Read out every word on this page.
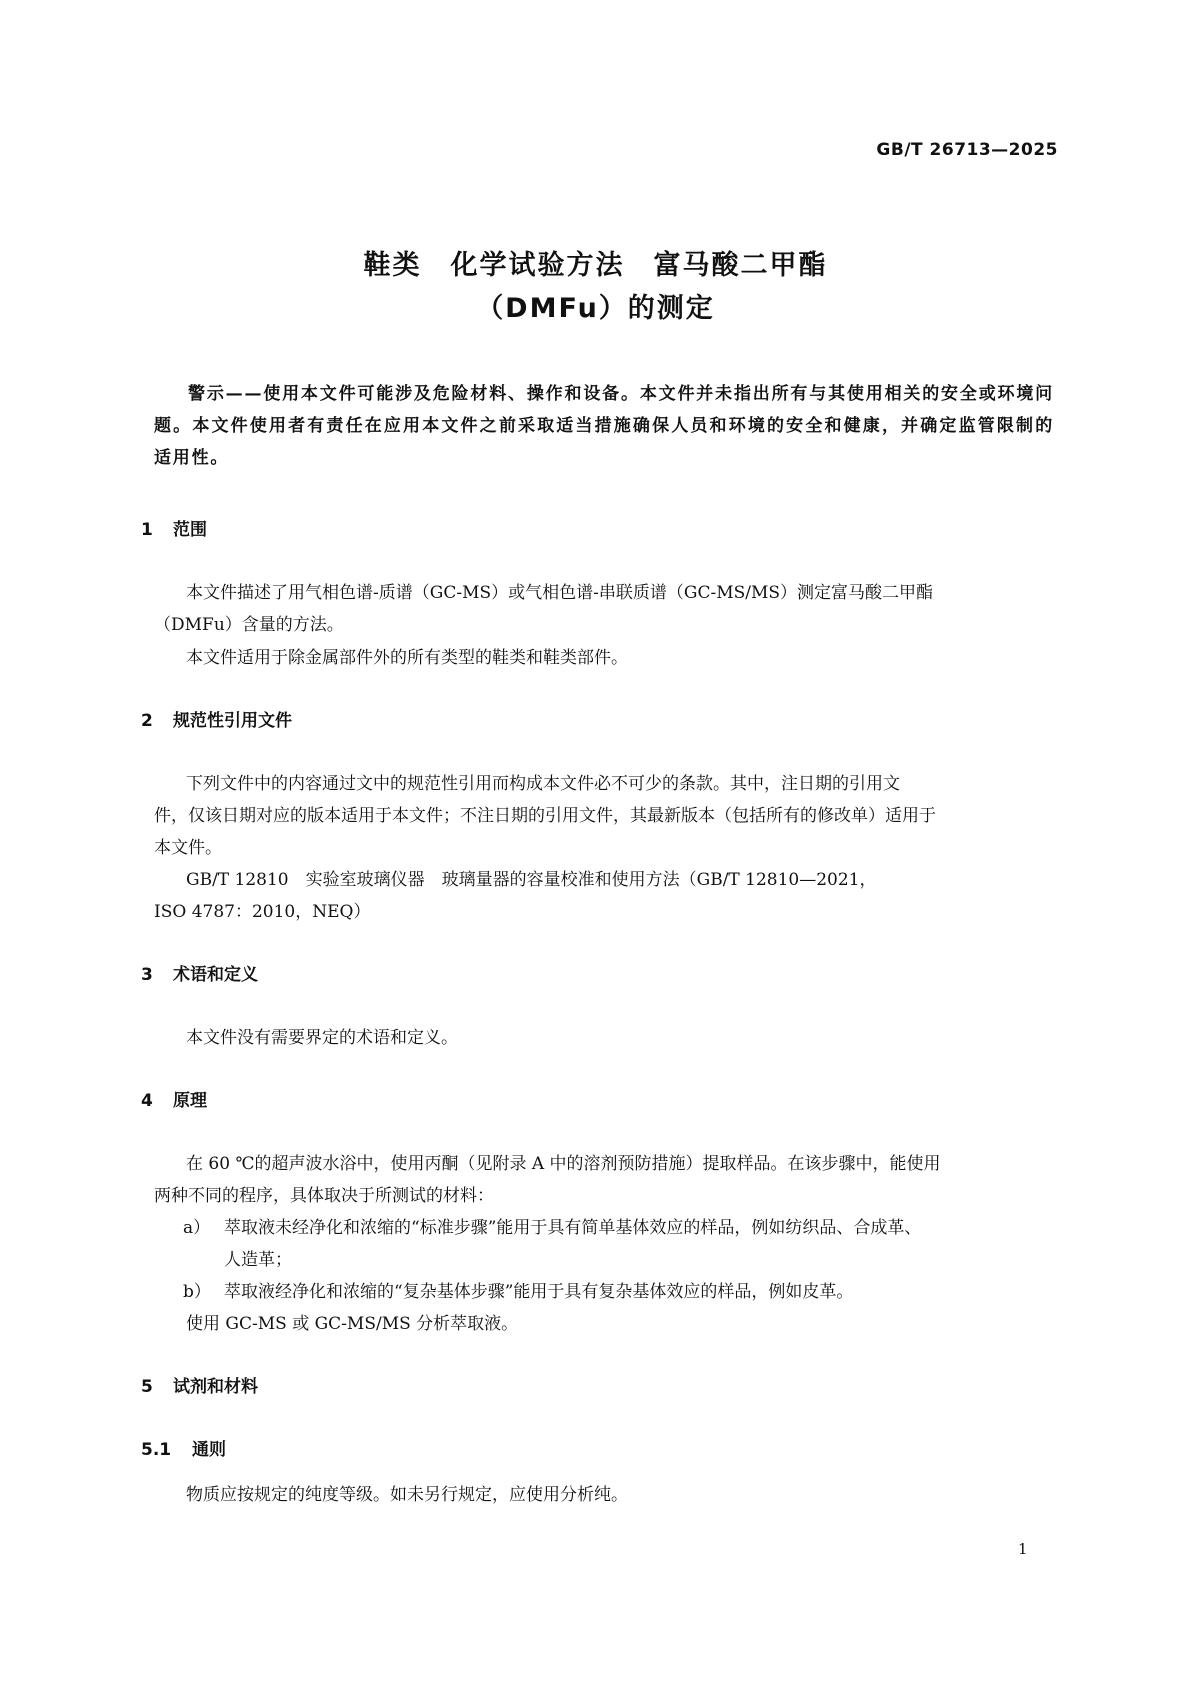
GB/T 26713—2025
鞋类　化学试验方法　富马酸二甲酯
（DMFu）的测定
警示——使用本文件可能涉及危险材料、操作和设备。本文件并未指出所有与其使用相关的安全或环境问题。本文件使用者有责任在应用本文件之前采取适当措施确保人员和环境的安全和健康，并确定监管限制的适用性。
1 范围
本文件描述了用气相色谱-质谱（GC-MS）或气相色谱-串联质谱（GC-MS/MS）测定富马酸二甲酯
（DMFu）含量的方法。
本文件适用于除金属部件外的所有类型的鞋类和鞋类部件。
2 规范性引用文件
下列文件中的内容通过文中的规范性引用而构成本文件必不可少的条款。其中，注日期的引用文
件，仅该日期对应的版本适用于本文件；不注日期的引用文件，其最新版本（包括所有的修改单）适用于
本文件。
GB/T 12810　实验室玻璃仪器　玻璃量器的容量校准和使用方法（GB/T 12810—2021，
ISO 4787：2010，NEQ）
3 术语和定义
本文件没有需要界定的术语和定义。
4 原理
在 60 ℃的超声波水浴中，使用丙酮（见附录 A 中的溶剂预防措施）提取样品。在该步骤中，能使用
两种不同的程序，具体取决于所测试的材料：
a） 萃取液未经净化和浓缩的“标准步骤”能用于具有简单基体效应的样品，例如纺织品、合成革、
人造革；
b） 萃取液经净化和浓缩的“复杂基体步骤”能用于具有复杂基体效应的样品，例如皮革。
使用 GC-MS 或 GC-MS/MS 分析萃取液。
5 试剂和材料
5.1 通则
物质应按规定的纯度等级。如未另行规定，应使用分析纯。
1
